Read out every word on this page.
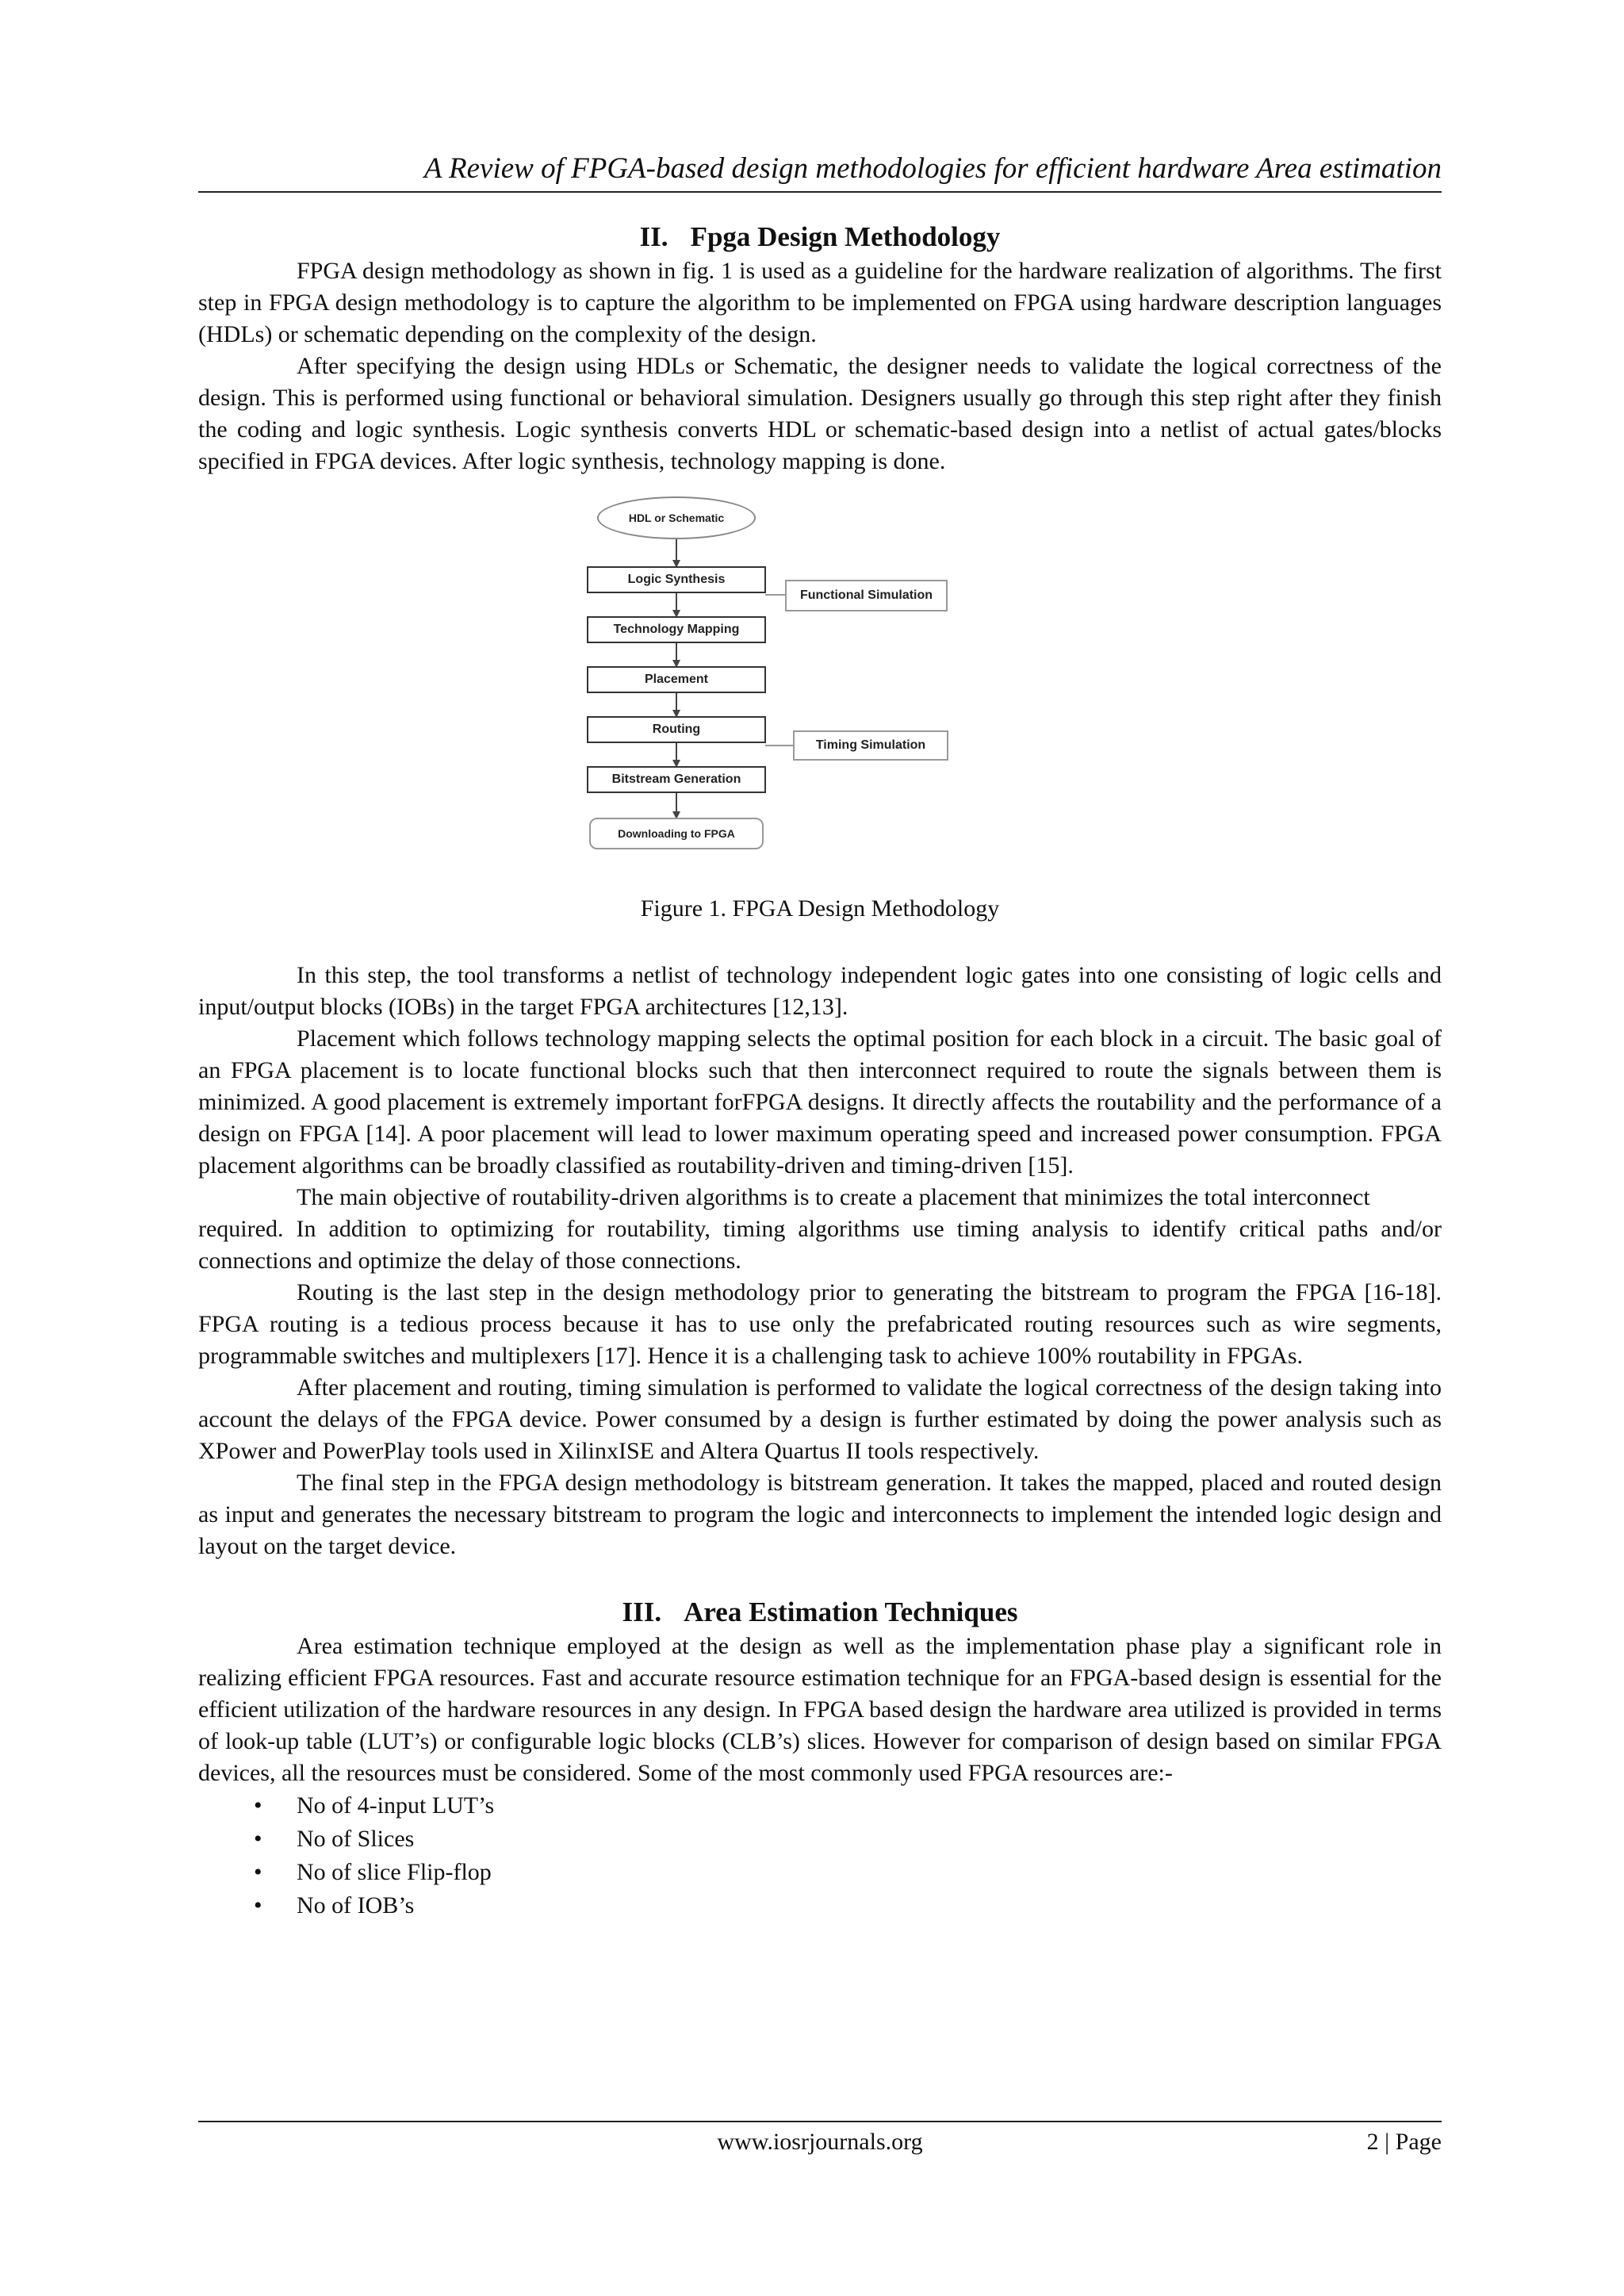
A Review of FPGA-based design methodologies for efficient hardware Area estimation
II. Fpga Design Methodology

FPGA design methodology as shown in fig. 1 is used as a guideline for the hardware realization of algorithms. The first step in FPGA design methodology is to capture the algorithm to be implemented on FPGA using hardware description languages (HDLs) or schematic depending on the complexity of the design.

After specifying the design using HDLs or Schematic, the designer needs to validate the logical correctness of the design. This is performed using functional or behavioral simulation. Designers usually go through this step right after they finish the coding and logic synthesis. Logic synthesis converts HDL or schematic-based design into a netlist of actual gates/blocks specified in FPGA devices. After logic synthesis, technology mapping is done.

HDL or Schematic
Logic Synthesis
Technology Mapping
Placement
Routing
Bitstream Generation
Downloading to FPGA
Functional Simulation
Timing Simulation
Figure 1. FPGA Design Methodology

In this step, the tool transforms a netlist of technology independent logic gates into one consisting of logic cells and input/output blocks (IOBs) in the target FPGA architectures [12,13].

Placement which follows technology mapping selects the optimal position for each block in a circuit. The basic goal of an FPGA placement is to locate functional blocks such that then interconnect required to route the signals between them is minimized. A good placement is extremely important forFPGA designs. It directly affects the routability and the performance of a design on FPGA [14]. A poor placement will lead to lower maximum operating speed and increased power consumption. FPGA placement algorithms can be broadly classified as routability-driven and timing-driven [15].

The main objective of routability-driven algorithms is to create a placement that minimizes the total interconnect

required. In addition to optimizing for routability, timing algorithms use timing analysis to identify critical paths and/or connections and optimize the delay of those connections.

Routing is the last step in the design methodology prior to generating the bitstream to program the FPGA [16-18]. FPGA routing is a tedious process because it has to use only the prefabricated routing resources such as wire segments, programmable switches and multiplexers [17]. Hence it is a challenging task to achieve 100% routability in FPGAs.

After placement and routing, timing simulation is performed to validate the logical correctness of the design taking into account the delays of the FPGA device. Power consumed by a design is further estimated by doing the power analysis such as XPower and PowerPlay tools used in XilinxISE and Altera Quartus II tools respectively.

The final step in the FPGA design methodology is bitstream generation. It takes the mapped, placed and routed design as input and generates the necessary bitstream to program the logic and interconnects to implement the intended logic design and layout on the target device.

III. Area Estimation Techniques

Area estimation technique employed at the design as well as the implementation phase play a significant role in realizing efficient FPGA resources. Fast and accurate resource estimation technique for an FPGA-based design is essential for the efficient utilization of the hardware resources in any design. In FPGA based design the hardware area utilized is provided in terms of look-up table (LUT’s) or configurable logic blocks (CLB’s) slices. However for comparison of design based on similar FPGA devices, all the resources must be considered. Some of the most commonly used FPGA resources are:-

• No of 4-input LUT’s
• No of Slices
• No of slice Flip-flop
• No of IOB’s
www.iosrjournals.org	2 | Page
